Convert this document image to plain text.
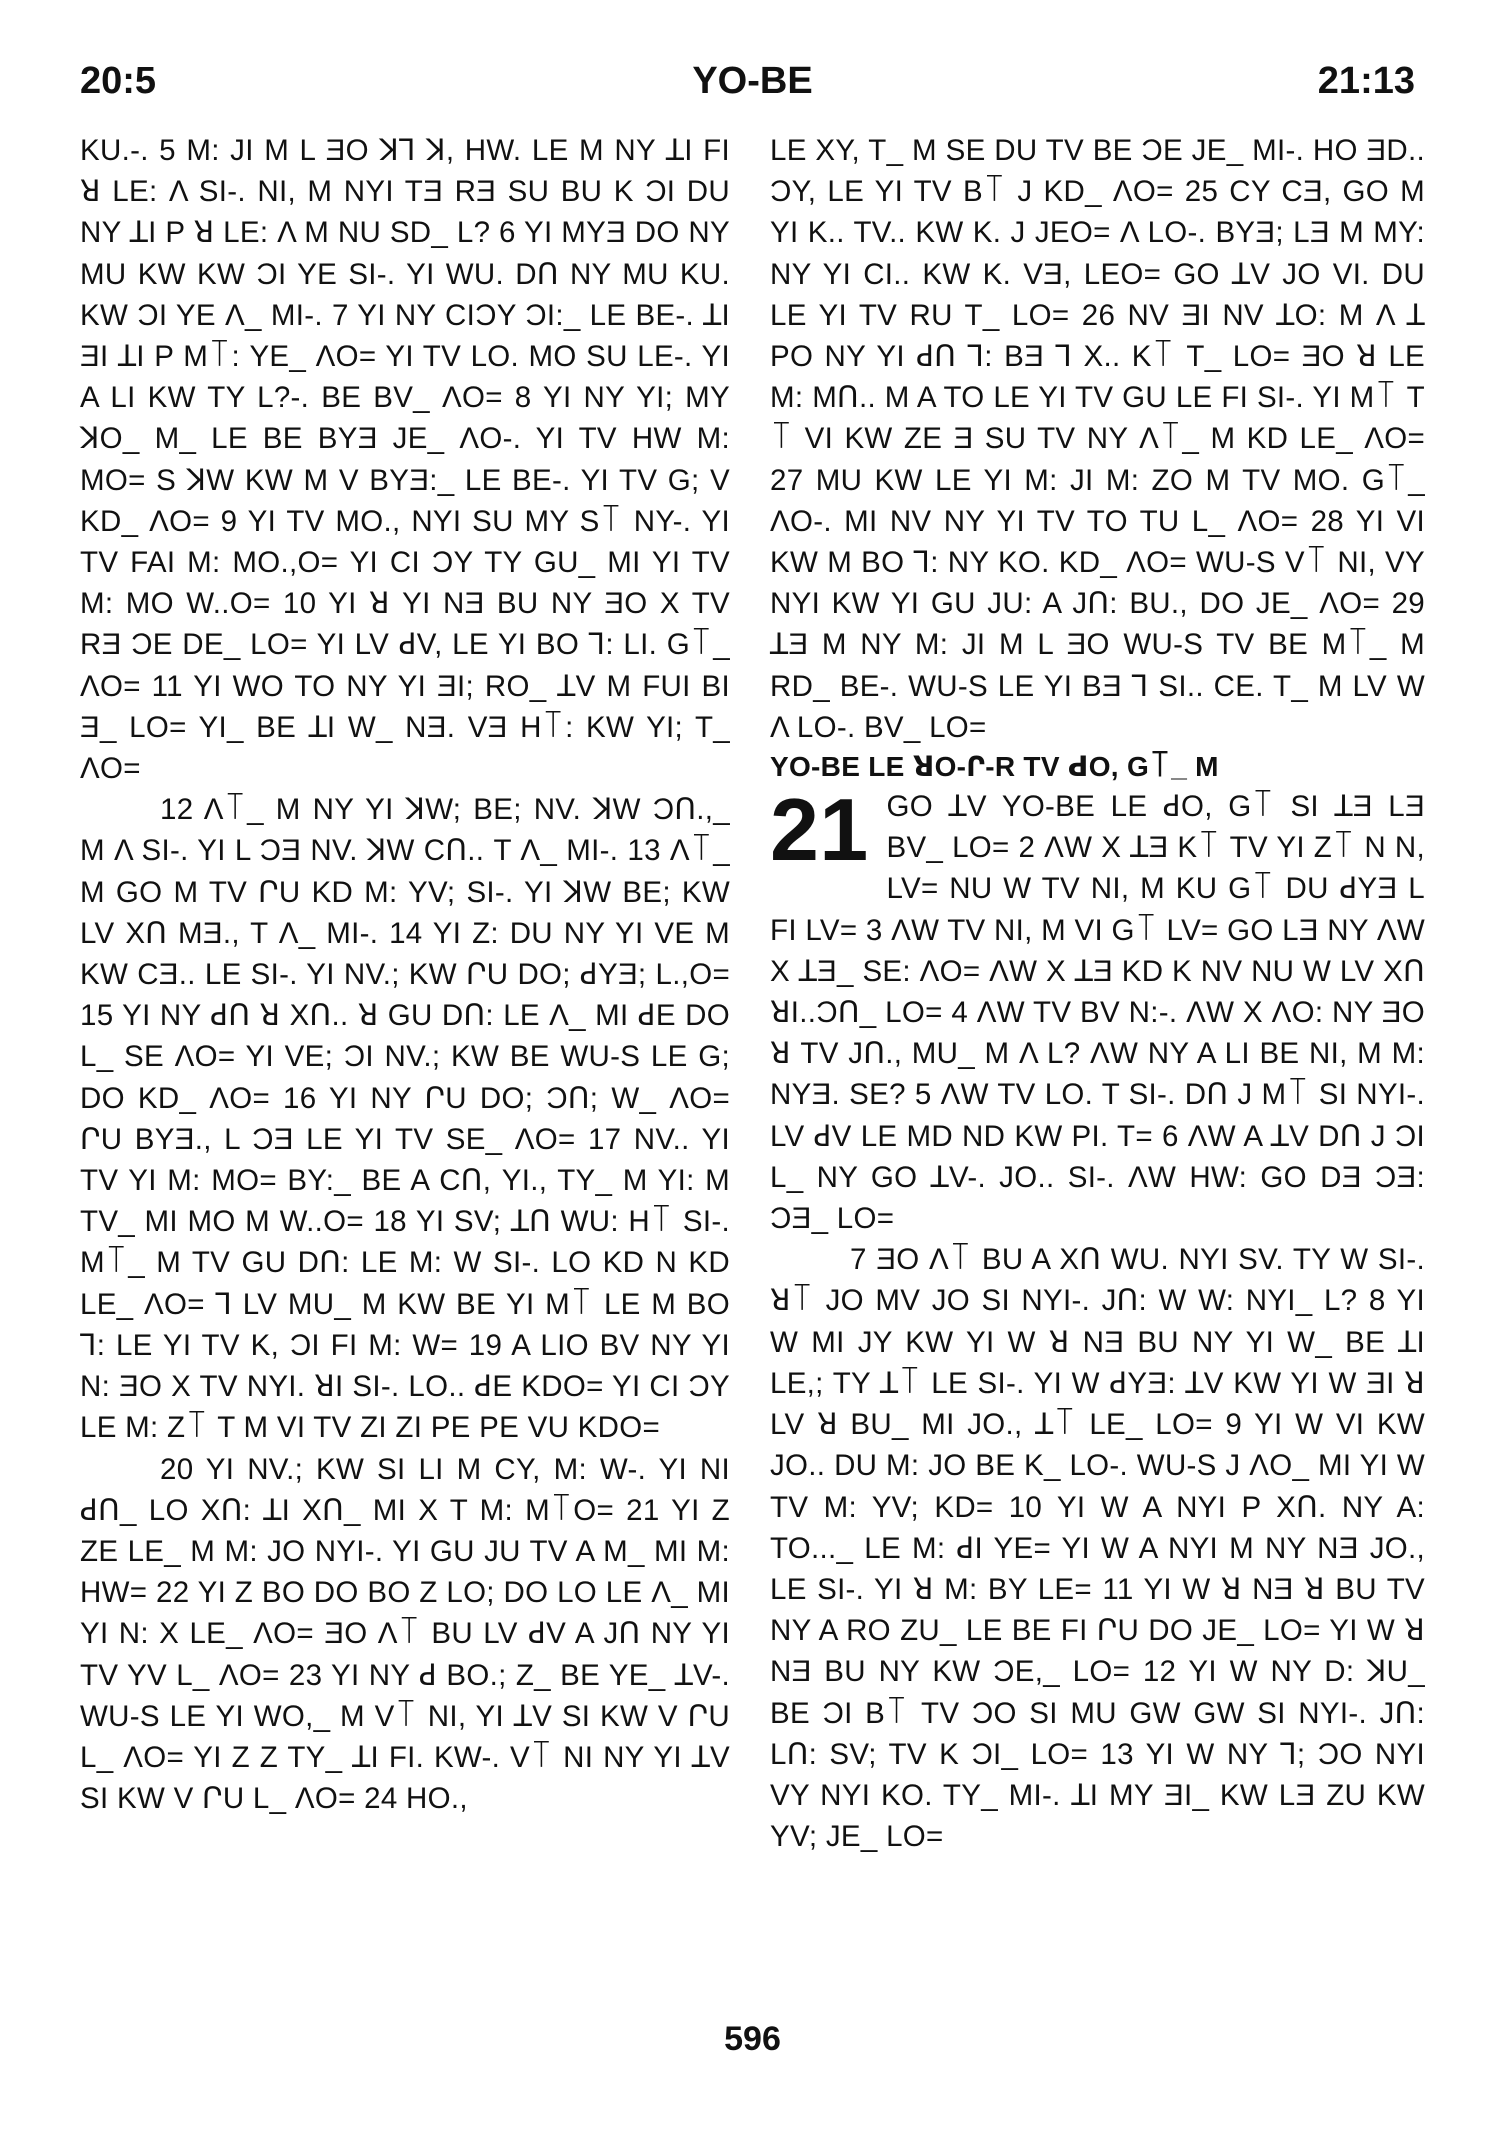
20:5	YO-BE	21:13

KU.-. 5 M: JI M L ƎO ꓘꓶ ꓘ, HW. LE M NY ꓕI FI ꓤ LE: Λ SI-. NI, M NYI TƎ RƎ SU BU K ƆI DU NY ꓕI P ꓤ LE: Λ M NU SD_ L? 6 YI MYƎ DO NY MU KW KW ƆI YE SI-. YI WU. DՈ NY MU KU. KW ƆI YE Λ_ MI-. 7 YI NY CIƆY ƆI:_ LE BE-. ꓕI ƎI ꓕI P M꓄: YE_ ΛO= YI TV LO. MO SU LE-. YI A LI KW TY L?-. BE BV_ ΛO= 8 YI NY YI; MY ꓘO_ M_ LE BE BYƎ JE_ ΛO-. YI TV HW M: MO= S ꓘW KW M V BYƎ:_ LE BE-. YI TV G; V KD_ ΛO= 9 YI TV MO., NYI SU MY S꓄ NY-. YI TV FAI M: MO.,O= YI CI ƆY TY GU_ MI YI TV M: MO W..O= 10 YI ꓤ YI NƎ BU NY ƎO X TV RƎ ƆE DE_ LO= YI LV ꓒV, LE YI BO ꓶ: LI. G꓄_ ΛO= 11 YI WO TO NY YI ƎI; RO_ ꓕV M FUI BI Ǝ_ LO= YI_ BE ꓕI W_ NƎ. VƎ H꓄: KW YI; T_ ΛO=

12 Λ꓄_ M NY YI ꓘW; BE; NV. ꓘW ƆՈ.,_ M Λ SI-. YI L ƆƎ NV. ꓘW CՈ.. T Λ_ MI-. 13 Λ꓄_ M GO M TV ՐU KD M: YV; SI-. YI ꓘW BE; KW LV XՈ MƎ., T Λ_ MI-. 14 YI Z: DU NY YI VE M KW CƎ.. LE SI-. YI NV.; KW ՐU DO; ꓒYƎ; L.,O= 15 YI NY ꓒՈ ꓤ XՈ.. ꓤ GU DՈ: LE Λ_ MI ꓒE DO L_ SE ΛO= YI VE; ƆI NV.; KW BE WU-S LE G; DO KD_ ΛO= 16 YI NY ՐU DO; ƆՈ; W_ ΛO= ՐU BYƎ., L ƆƎ LE YI TV SE_ ΛO= 17 NV.. YI TV YI M: MO= BY:_ BE A CՈ, YI., TY_ M YI: M TV_ MI MO M W..O= 18 YI SV; ꓕՈ WU: H꓄ SI-. M꓄_ M TV GU DՈ: LE M: W SI-. LO KD N KD LE_ ΛO= ꓶ LV MU_ M KW BE YI M꓄ LE M BO ꓶ: LE YI TV K, ƆI FI M: W= 19 A LIO BV NY YI N: ƎO X TV NYI. ꓤI SI-. LO.. ꓒE KDO= YI CI ƆY LE M: Z꓄ T M VI TV ZI ZI PE PE VU KDO=

20 YI NV.; KW SI LI M CY, M: W-. YI NI ꓒՈ_ LO XՈ: ꓕI XՈ_ MI X T M: M꓄O= 21 YI Z ZE LE_ M M: JO NYI-. YI GU JU TV A M_ MI M: HW= 22 YI Z BO DO BO Z LO; DO LO LE Λ_ MI YI N: X LE_ ΛO= ƎO Λ꓄ BU LV ꓒV A JՈ NY YI TV YV L_ ΛO= 23 YI NY ꓒ BO.; Z_ BE YE_ ꓕV-. WU-S LE YI WO,_ M V꓄ NI, YI ꓕV SI KW V ՐU L_ ΛO= YI Z Z TY_ ꓕI FI. KW-. V꓄ NI NY YI ꓕV SI KW V ՐU L_ ΛO= 24 HO.,

LE XY, T_ M SE DU TV BE ƆE JE_ MI-. HO ƎD.. ƆY, LE YI TV B꓄ J KD_ ΛO= 25 CY CƎ, GO M YI K.. TV.. KW K. J JEO= Λ LO-. BYƎ; LƎ M MY: NY YI CI.. KW K. VƎ, LEO= GO ꓕV JO VI. DU LE YI TV RU T_ LO= 26 NV ƎI NV ꓕO: M Λ ꓕ PO NY YI ꓒՈ ꓶ: BƎ ꓶ X.. K꓄ T_ LO= ƎO ꓤ LE M: MՈ.. M A TO LE YI TV GU LE FI SI-. YI M꓄ T꓄ VI KW ZE Ǝ SU TV NY Λ꓄_ M KD LE_ ΛO= 27 MU KW LE YI M: JI M: ZO M TV MO. G꓄_ ΛO-. MI NV NY YI TV TO TU L_ ΛO= 28 YI VI KW M BO ꓶ: NY KO. KD_ ΛO= WU-S V꓄ NI, VY NYI KW YI GU JU: A JՈ: BU., DO JE_ ΛO= 29 ꓕƎ M NY M: JI M L ƎO WU-S TV BE M꓄_ M RD_ BE-. WU-S LE YI BƎ ꓶ SI.. CE. T_ M LV W Λ LO-. BV_ LO=

YO-BE LE ꓤO-Ր-R TV ꓒO, G꓄_ M

21 GO ꓕV YO-BE LE ꓒO, G꓄ SI ꓕƎ LƎ BV_ LO= 2 ΛW X ꓕƎ K꓄ TV YI Z꓄ N N, LV= NU W TV NI, M KU G꓄ DU ꓒYƎ L FI LV= 3 ΛW TV NI, M VI G꓄ LV= GO LƎ NY ΛW X ꓕƎ_ SE: ΛO= ΛW X ꓕƎ KD K NV NU W LV XՈ ꓤI..ƆՈ_ LO= 4 ΛW TV BV N:-. ΛW X ΛO: NY ƎO ꓤ TV JՈ., MU_ M Λ L? ΛW NY A LI BE NI, M M: NYƎ. SE? 5 ΛW TV LO. T SI-. DՈ J M꓄ SI NYI-. LV ꓒV LE MD ND KW PI. T= 6 ΛW A ꓕV DՈ J ƆI L_ NY GO ꓕV-. JO.. SI-. ΛW HW: GO DƎ ƆƎ: ƆƎ_ LO=

7 ƎO Λ꓄ BU A XՈ WU. NYI SV. TY W SI-. ꓤ꓄ JO MV JO SI NYI-. JՈ: W W: NYI_ L? 8 YI W MI JY KW YI W ꓤ NƎ BU NY YI W_ BE ꓕI LE,; TY ꓕ꓄ LE SI-. YI W ꓒYƎ: ꓕV KW YI W ƎI ꓤ LV ꓤ BU_ MI JO., ꓕ꓄ LE_ LO= 9 YI W VI KW JO.. DU M: JO BE K_ LO-. WU-S J ΛO_ MI YI W TV M: YV; KD= 10 YI W A NYI P XՈ. NY A: TO..._ LE M: ꓒI YE= YI W A NYI M NY NƎ JO., LE SI-. YI ꓤ M: BY LE= 11 YI W ꓤ NƎ ꓤ BU TV NY A RO ZU_ LE BE FI ՐU DO JE_ LO= YI W ꓤ NƎ BU NY KW ƆE,_ LO= 12 YI W NY D: ꓘU_ BE ƆI B꓄ TV ƆO SI MU GW GW SI NYI-. JՈ: LՈ: SV; TV K ƆI_ LO= 13 YI W NY ꓶ; ƆO NYI VY NYI KO. TY_ MI-. ꓕI MY ƎI_ KW LƎ ZU KW YV; JE_ LO=

596
